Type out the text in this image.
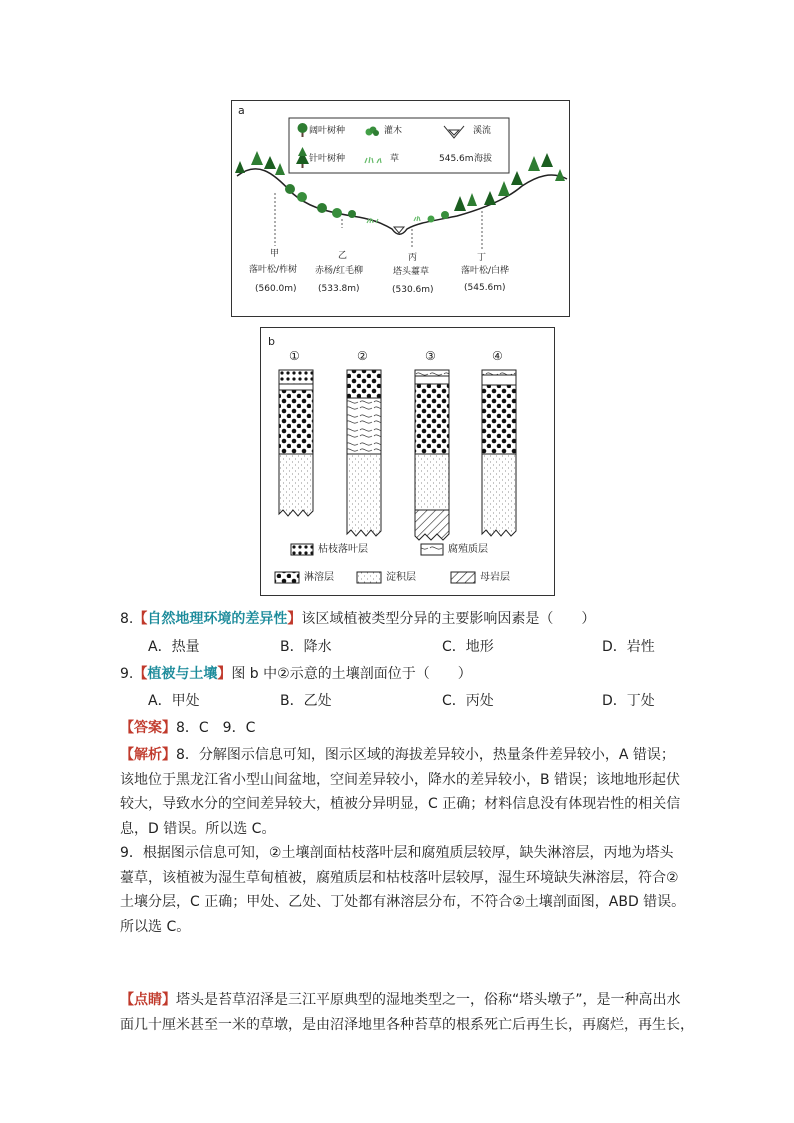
a
阔叶树种	灌木	溪流
针叶树种	草	545.6m 海拔
甲
落叶松/柞树
(560.0m)
乙
赤杨/红毛柳
(533.8m)
丙
塔头薹草
(530.6m)
丁
落叶松/白桦
(545.6m)
b
①	②	③	④
枯枝落叶层	腐殖质层
淋溶层	淀积层	母岩层
8.【自然地理环境的差异性】该区域植被类型分异的主要影响因素是（　　）
A．热量	B．降水	C．地形	D．岩性
9.【植被与土壤】图 b 中②示意的土壤剖面位于（　　）
A．甲处	B．乙处	C．丙处	D．丁处
【答案】8．C　9．C
【解析】8．分解图示信息可知，图示区域的海拔差异较小，热量条件差异较小，A 错误；
该地位于黑龙江省小型山间盆地，空间差异较小，降水的差异较小，B 错误；该地地形起伏
较大，导致水分的空间差异较大，植被分异明显，C 正确；材料信息没有体现岩性的相关信
息，D 错误。所以选 C。
9．根据图示信息可知，②土壤剖面枯枝落叶层和腐殖质层较厚，缺失淋溶层，丙地为塔头
薹草，该植被为湿生草甸植被，腐殖质层和枯枝落叶层较厚，湿生环境缺失淋溶层，符合②
土壤分层，C 正确；甲处、乙处、丁处都有淋溶层分布，不符合②土壤剖面图，ABD 错误。
所以选 C。
【点睛】塔头是苔草沼泽是三江平原典型的湿地类型之一，俗称“塔头墩子”，是一种高出水
面几十厘米甚至一米的草墩，是由沼泽地里各种苔草的根系死亡后再生长，再腐烂，再生长，
